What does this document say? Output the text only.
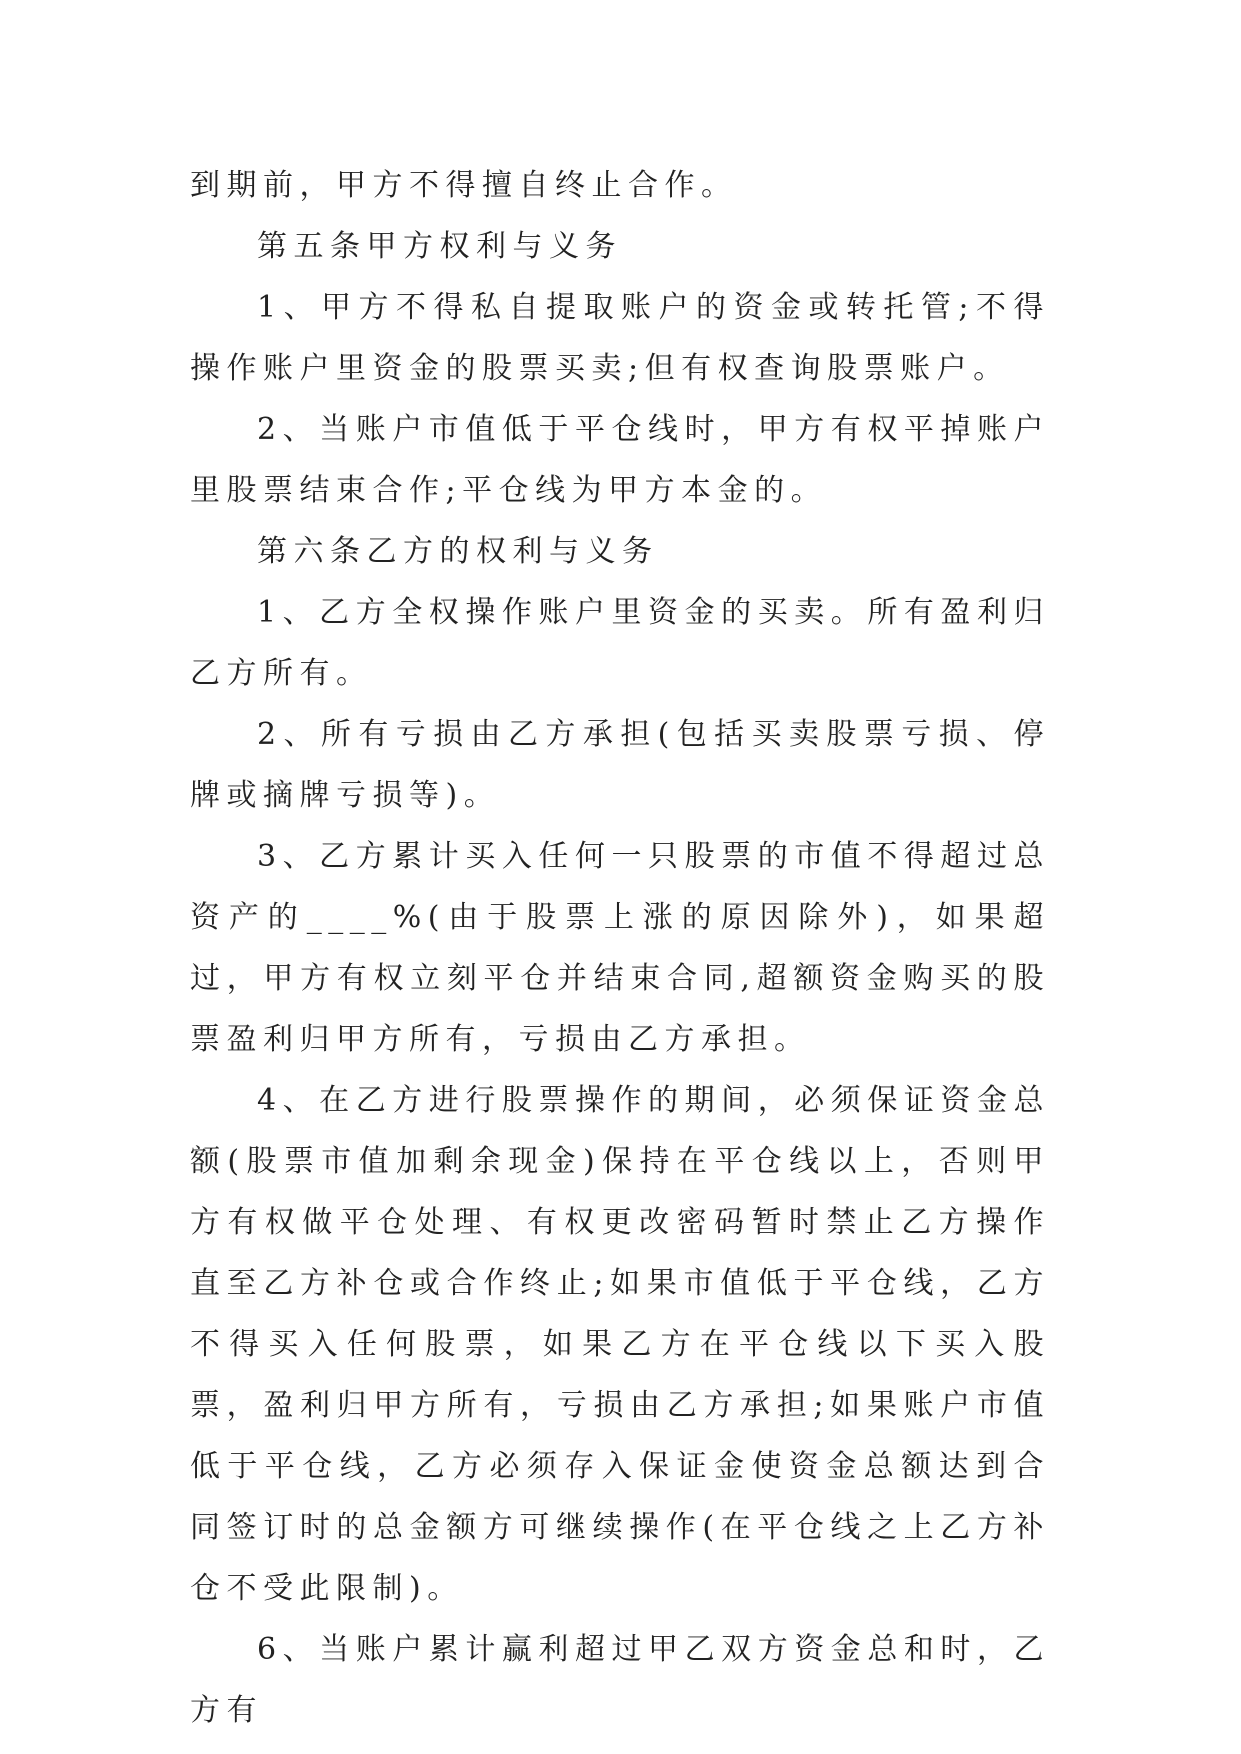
到期前，甲方不得擅自终止合作。

第五条甲方权利与义务

1、甲方不得私自提取账户的资金或转托管;不得操作账户里资金的股票买卖;但有权查询股票账户。

2、当账户市值低于平仓线时，甲方有权平掉账户里股票结束合作;平仓线为甲方本金的。

第六条乙方的权利与义务

1、乙方全权操作账户里资金的买卖。所有盈利归乙方所有。

2、所有亏损由乙方承担(包括买卖股票亏损、停牌或摘牌亏损等)。

3、乙方累计买入任何一只股票的市值不得超过总资产的____%(由于股票上涨的原因除外)，如果超过，甲方有权立刻平仓并结束合同,超额资金购买的股票盈利归甲方所有，亏损由乙方承担。

4、在乙方进行股票操作的期间，必须保证资金总额(股票市值加剩余现金)保持在平仓线以上，否则甲方有权做平仓处理、有权更改密码暂时禁止乙方操作直至乙方补仓或合作终止;如果市值低于平仓线，乙方不得买入任何股票，如果乙方在平仓线以下买入股票，盈利归甲方所有，亏损由乙方承担;如果账户市值低于平仓线，乙方必须存入保证金使资金总额达到合同签订时的总金额方可继续操作(在平仓线之上乙方补仓不受此限制)。

6、当账户累计赢利超过甲乙双方资金总和时，乙方有
